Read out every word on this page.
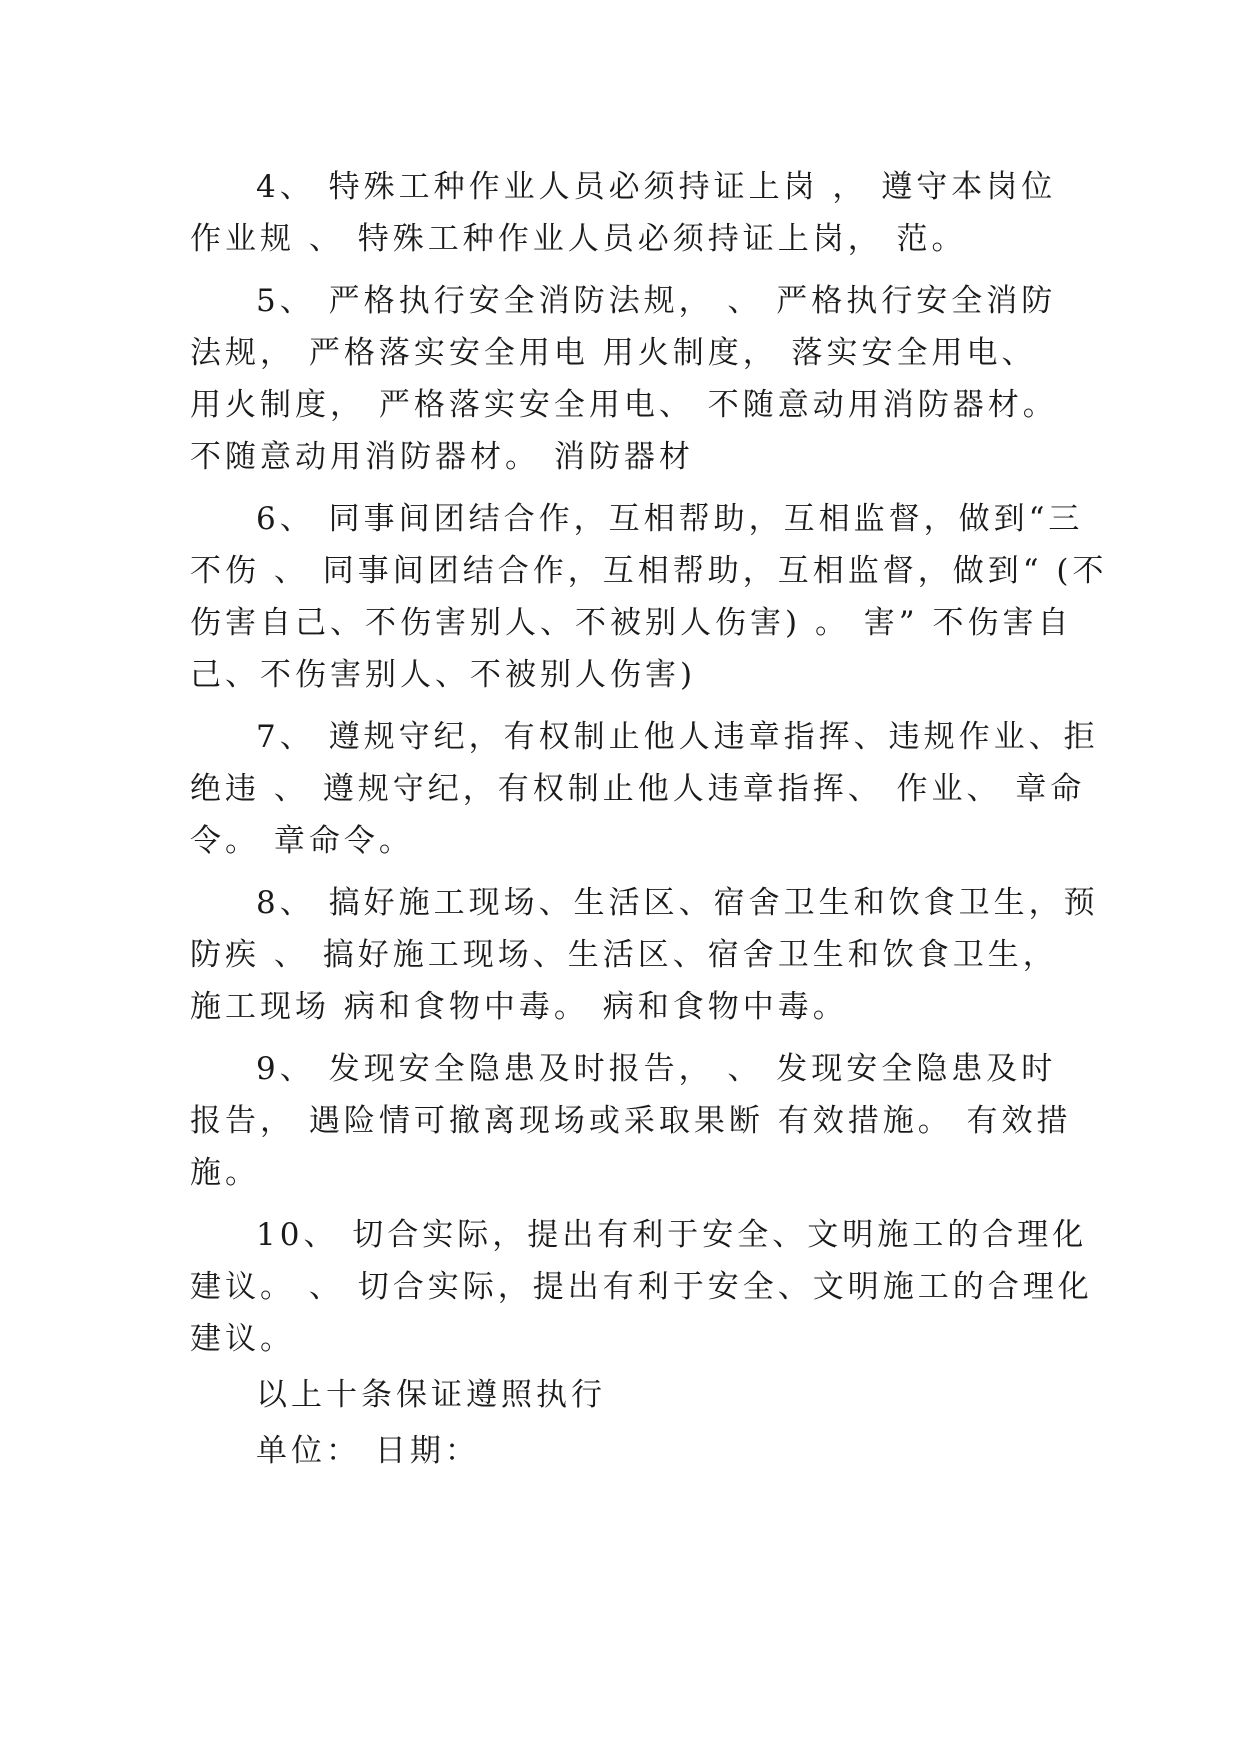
4、 特殊工种作业人员必须持证上岗 ， 遵守本岗位
作业规 、 特殊工种作业人员必须持证上岗， 范。
5、 严格执行安全消防法规， 、 严格执行安全消防
法规， 严格落实安全用电 用火制度， 落实安全用电、
用火制度， 严格落实安全用电、 不随意动用消防器材。
不随意动用消防器材。 消防器材
6、 同事间团结合作，互相帮助，互相监督，做到“三
不伤 、 同事间团结合作，互相帮助，互相监督，做到“ (不
伤害自己、不伤害别人、不被别人伤害) 。 害” 不伤害自
己、不伤害别人、不被别人伤害)
7、 遵规守纪，有权制止他人违章指挥、违规作业、拒
绝违 、 遵规守纪，有权制止他人违章指挥、 作业、 章命
令。 章命令。
8、 搞好施工现场、生活区、宿舍卫生和饮食卫生，预
防疾 、 搞好施工现场、生活区、宿舍卫生和饮食卫生，
施工现场 病和食物中毒。 病和食物中毒。
9、 发现安全隐患及时报告， 、 发现安全隐患及时
报告， 遇险情可撤离现场或采取果断 有效措施。 有效措
施。
10、 切合实际，提出有利于安全、文明施工的合理化
建议。 、 切合实际，提出有利于安全、文明施工的合理化
建议。
以上十条保证遵照执行
单位： 日期：
